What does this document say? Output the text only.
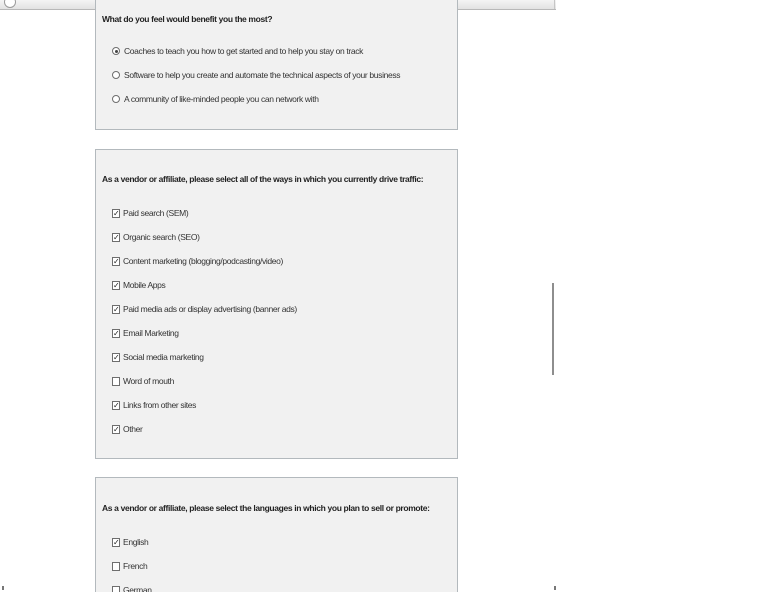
What do you feel would benefit you the most?
Coaches to teach you how to get started and to help you stay on track
Software to help you create and automate the technical aspects of your business
A community of like-minded people you can network with
As a vendor or affiliate, please select all of the ways in which you currently drive traffic:
✓ Paid search (SEM)
✓ Organic search (SEO)
✓ Content marketing (blogging/podcasting/video)
✓ Mobile Apps
✓ Paid media ads or display advertising (banner ads)
✓ Email Marketing
✓ Social media marketing
Word of mouth
✓ Links from other sites
✓ Other
As a vendor or affiliate, please select the languages in which you plan to sell or promote:
✓ English
French
German
